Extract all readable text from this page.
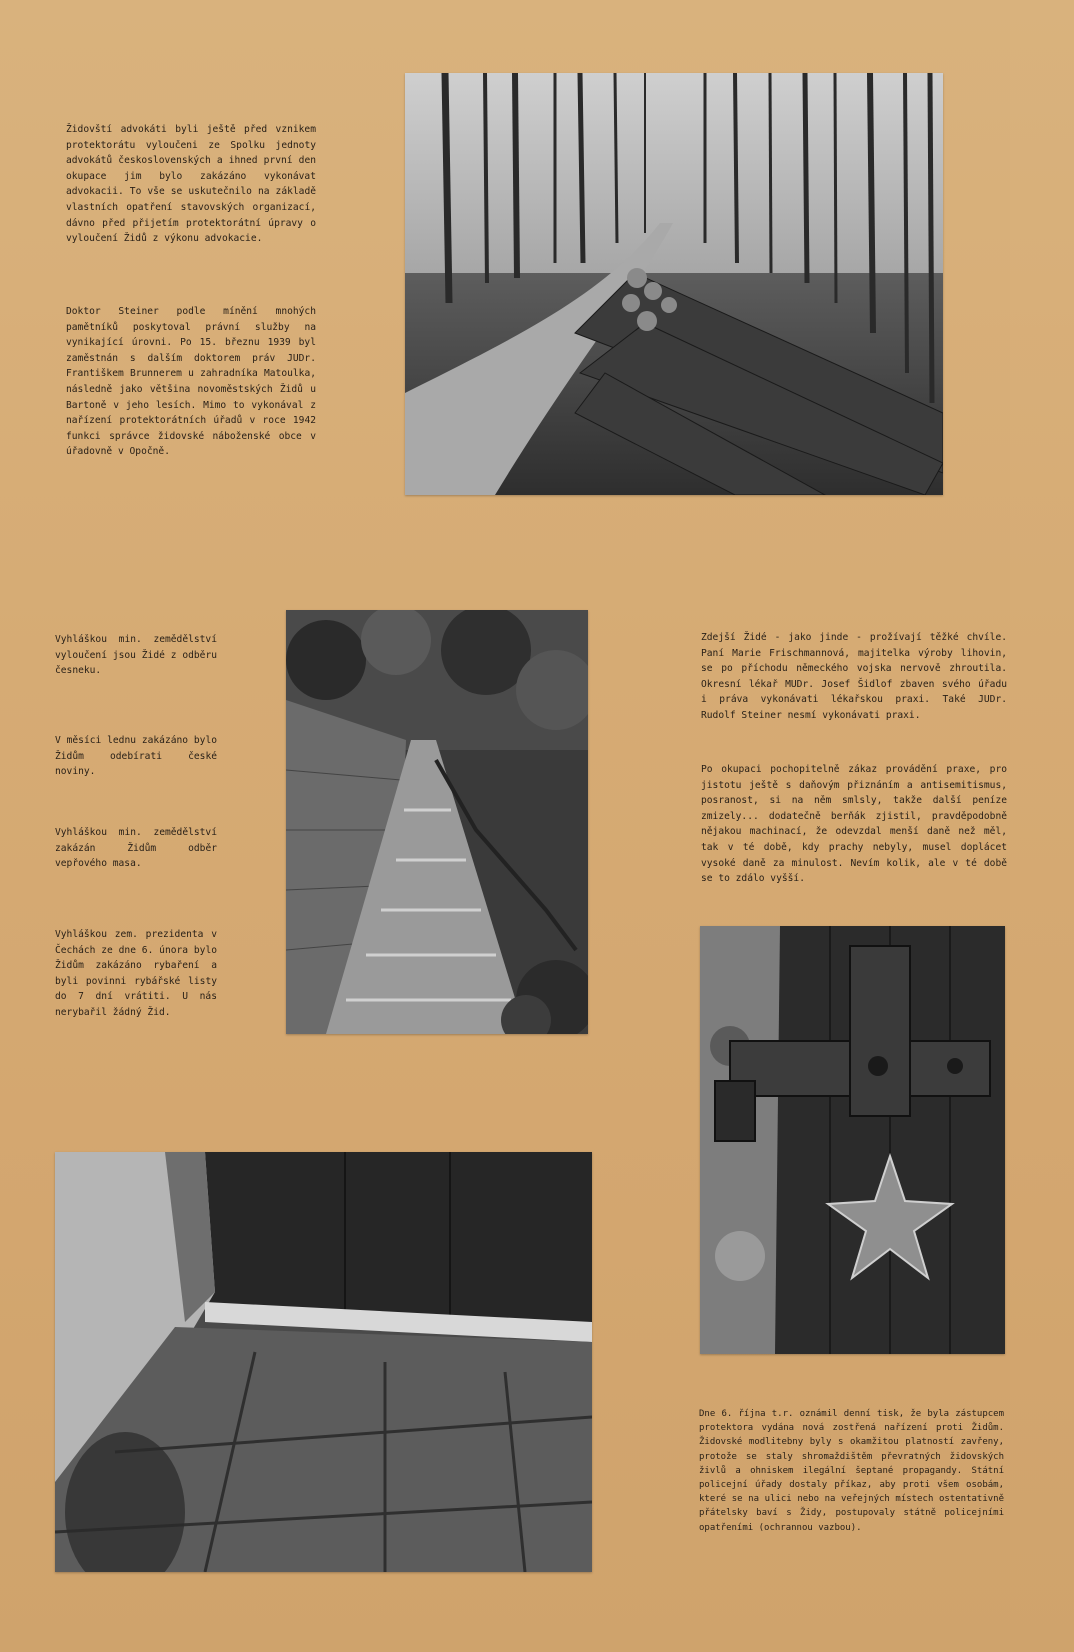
Židovští advokáti byli ještě před vznikem protektorátu vyloučeni ze Spolku jednoty advokátů československých a ihned první den okupace jim bylo zakázáno vykonávat advokacii. To vše se uskutečnilo na základě vlastních opatření stavovských organizací, dávno před přijetím protektorátní úpravy o vyloučení Židů z výkonu advokacie.
Doktor Steiner podle mínění mnohých pamětníků poskytoval právní služby na vynikající úrovni. Po 15. březnu 1939 byl zaměstnán s dalším doktorem práv JUDr. Františkem Brunnerem u zahradníka Matoulka, následně jako většina novoměstských Židů u Bartoně v jeho lesích. Mimo to vykonával z nařízení protektorátních úřadů v roce 1942 funkci správce židovské náboženské obce v úřadovně v Opočně.
Vyhláškou min. zemědělství vyloučení jsou Židé z odběru česneku.
V měsíci lednu zakázáno bylo Židům odebírati české noviny.
Vyhláškou min. zemědělství zakázán Židům odběr vepřového masa.
Vyhláškou zem. prezidenta v Čechách ze dne 6. února bylo Židům zakázáno rybaření a byli povinni rybářské listy do 7 dní vrátiti. U nás nerybařil žádný Žid.
Zdejší Židé - jako jinde - prožívají těžké chvíle. Paní Marie Frischmannová, majitelka výroby lihovin, se po příchodu německého vojska nervově zhroutila. Okresní lékař MUDr. Josef Šidlof zbaven svého úřadu i práva vykonávati lékařskou praxi. Také JUDr. Rudolf Steiner nesmí vykonávati praxi.
Po okupaci pochopitelně zákaz provádění praxe, pro jistotu ještě s daňovým přiznáním a antisemitismus, posranost, si na něm smlsly, takže další peníze zmizely... dodatečně berňák zjistil, pravděpodobně nějakou machinací, že odevzdal menší daně než měl, tak v té době, kdy prachy nebyly, musel doplácet vysoké daně za minulost. Nevím kolik, ale v té době se to zdálo vyšší.
Dne 6. října t.r. oznámil denní tisk, že byla zástupcem protektora vydána nová zostřená nařízení proti Židům. Židovské modlitebny byly s okamžitou platností zavřeny, protože se staly shromaždištěm převratných židovských živlů a ohniskem ilegální šeptané propagandy. Státní policejní úřady dostaly příkaz, aby proti všem osobám, které se na ulici nebo na veřejných místech ostentativně přátelsky baví s Židy, postupovaly státně policejními opatřeními (ochrannou vazbou).
